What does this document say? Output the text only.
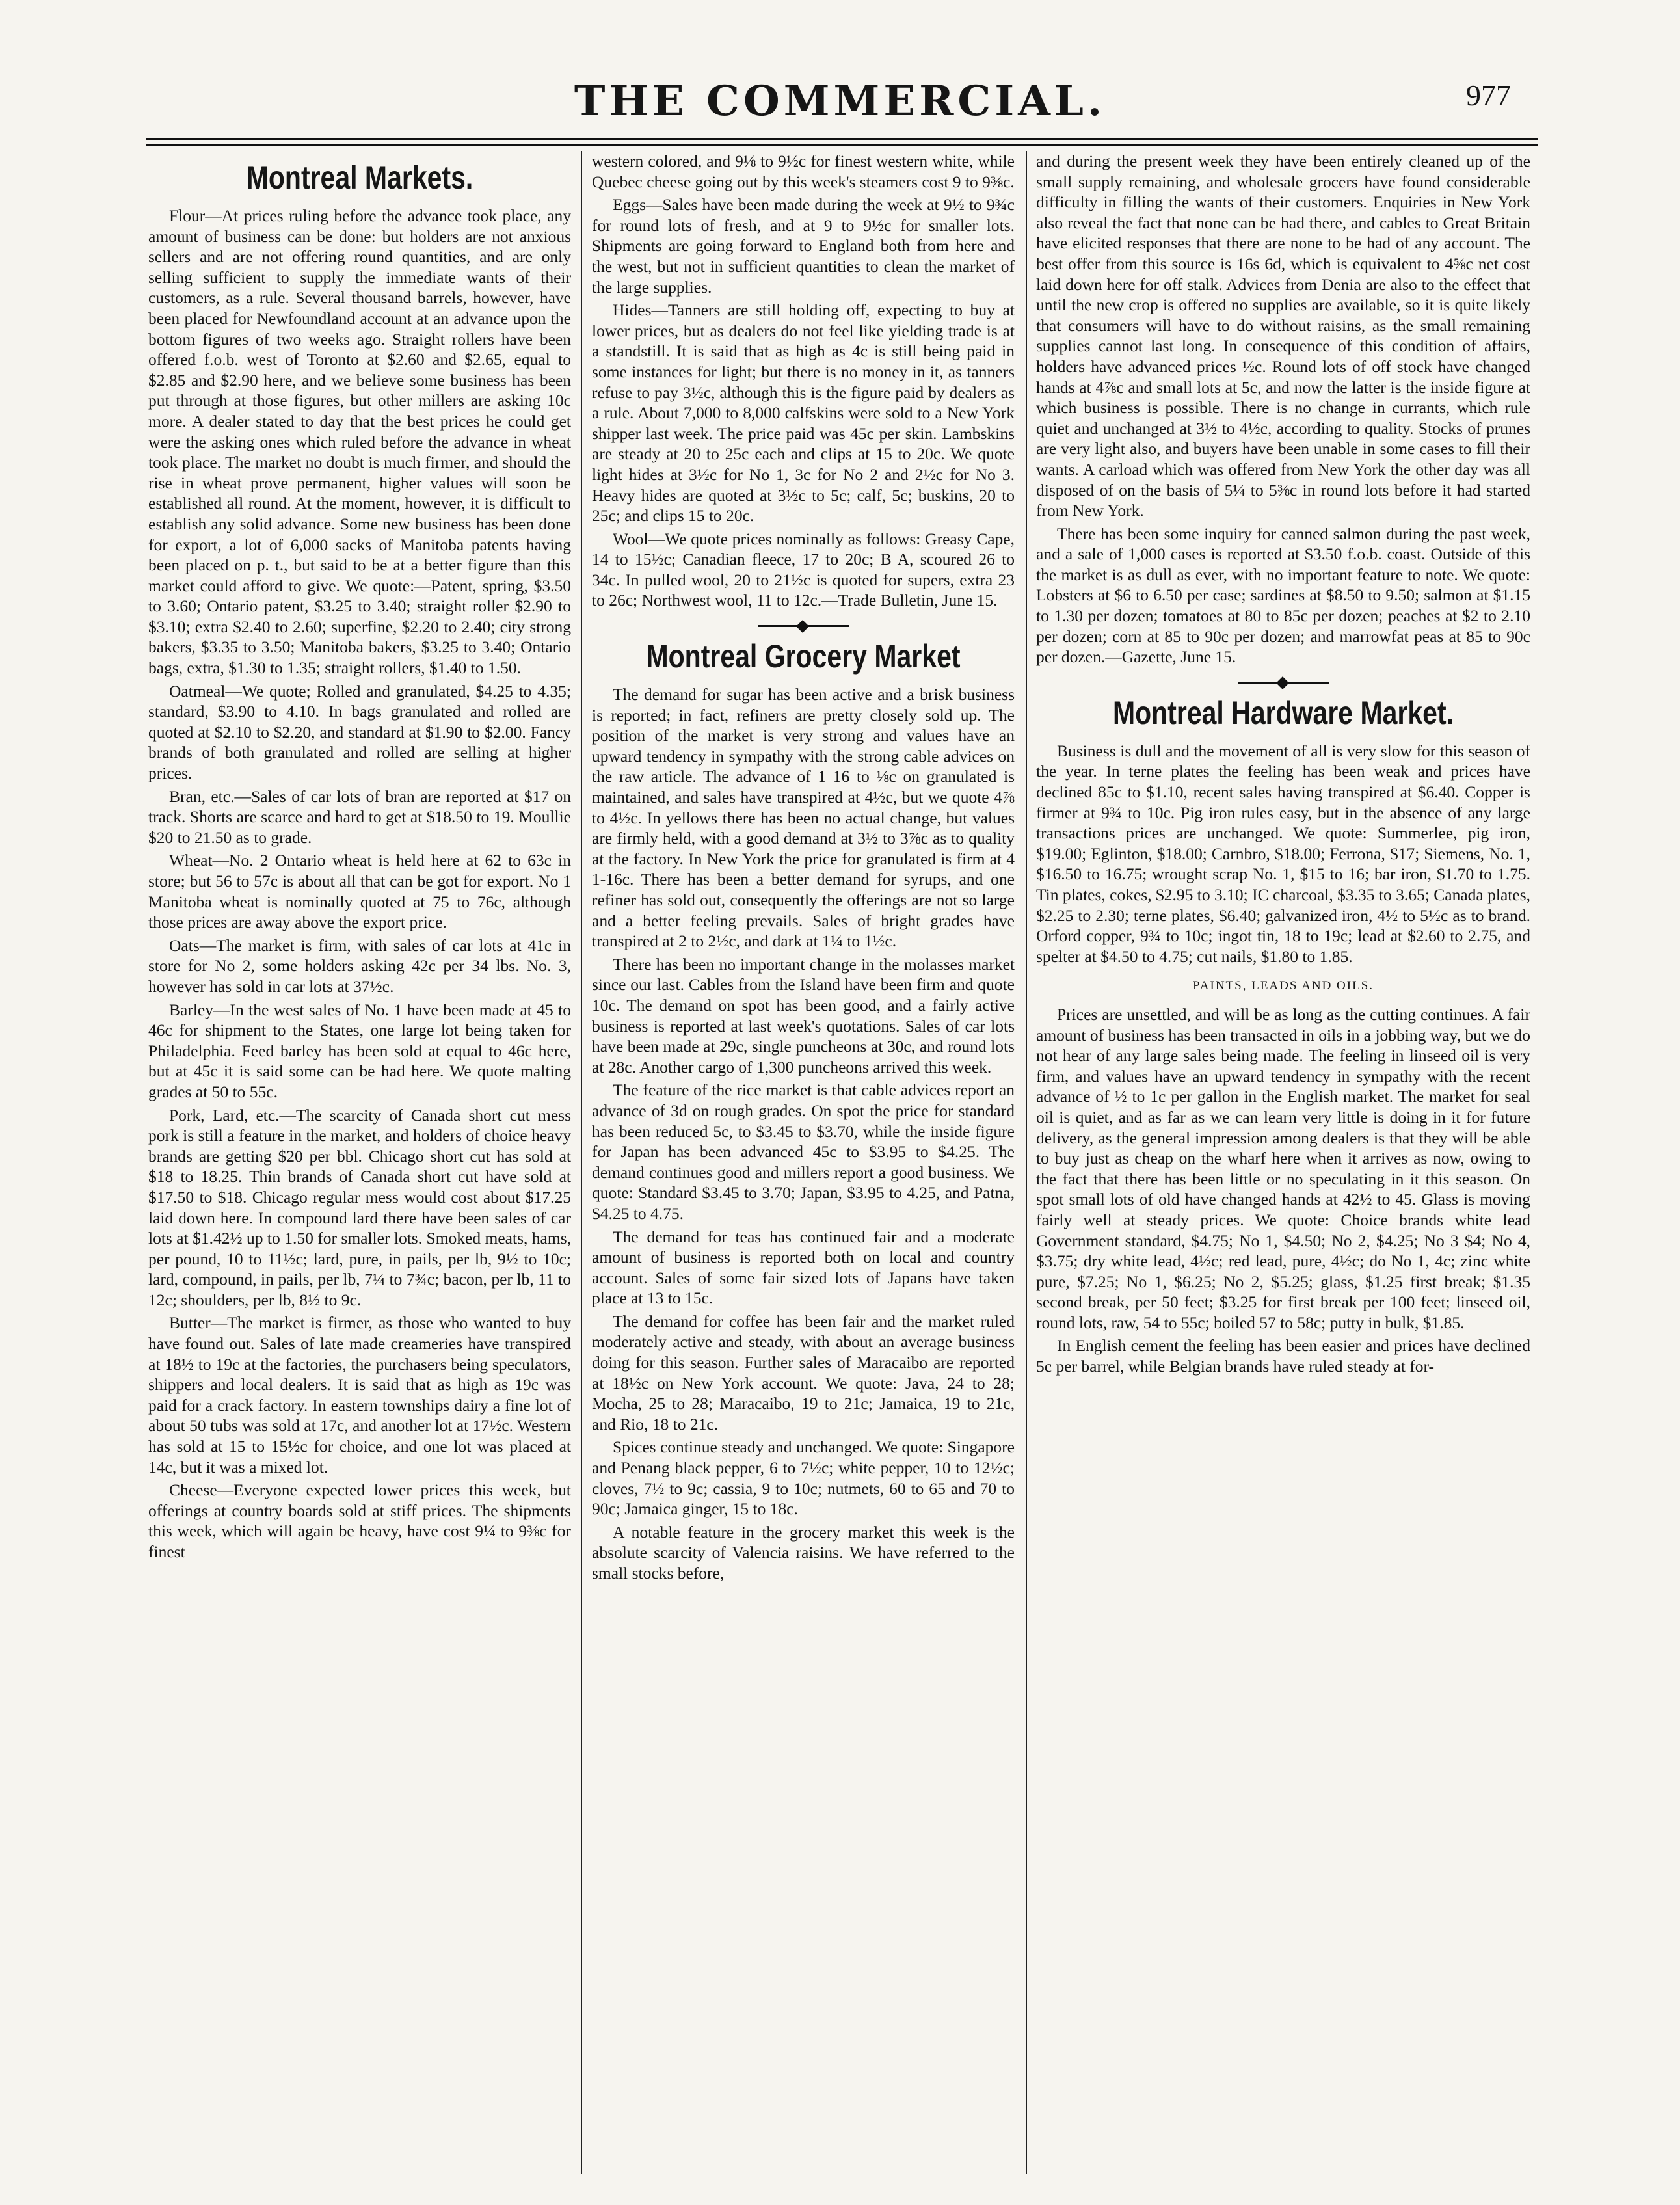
THE COMMERCIAL.	977
Montreal Markets.

Flour—At prices ruling before the advance took place, any amount of business can be done: but holders are not anxious sellers and are not offering round quantities, and are only selling sufficient to supply the immediate wants of their customers, as a rule. Several thousand barrels, however, have been placed for Newfoundland account at an advance upon the bottom figures of two weeks ago. Straight rollers have been offered f.o.b. west of Toronto at $2.60 and $2.65, equal to $2.85 and $2.90 here, and we believe some business has been put through at those figures, but other millers are asking 10c more. A dealer stated to day that the best prices he could get were the asking ones which ruled before the advance in wheat took place. The market no doubt is much firmer, and should the rise in wheat prove permanent, higher values will soon be established all round. At the moment, however, it is difficult to establish any solid advance. Some new business has been done for export, a lot of 6,000 sacks of Manitoba patents having been placed on p. t., but said to be at a better figure than this market could afford to give. We quote:—Patent, spring, $3.50 to 3.60; Ontario patent, $3.25 to 3.40; straight roller $2.90 to $3.10; extra $2.40 to 2.60; superfine, $2.20 to 2.40; city strong bakers, $3.35 to 3.50; Manitoba bakers, $3.25 to 3.40; Ontario bags, extra, $1.30 to 1.35; straight rollers, $1.40 to 1.50.

Oatmeal—We quote; Rolled and granulated, $4.25 to 4.35; standard, $3.90 to 4.10. In bags granulated and rolled are quoted at $2.10 to $2.20, and standard at $1.90 to $2.00. Fancy brands of both granulated and rolled are selling at higher prices.

Bran, etc.—Sales of car lots of bran are reported at $17 on track. Shorts are scarce and hard to get at $18.50 to 19. Moullie $20 to 21.50 as to grade.

Wheat—No. 2 Ontario wheat is held here at 62 to 63c in store; but 56 to 57c is about all that can be got for export. No 1 Manitoba wheat is nominally quoted at 75 to 76c, although those prices are away above the export price.

Oats—The market is firm, with sales of car lots at 41c in store for No 2, some holders asking 42c per 34 lbs. No. 3, however has sold in car lots at 37½c.

Barley—In the west sales of No. 1 have been made at 45 to 46c for shipment to the States, one large lot being taken for Philadelphia. Feed barley has been sold at equal to 46c here, but at 45c it is said some can be had here. We quote malting grades at 50 to 55c.

Pork, Lard, etc.—The scarcity of Canada short cut mess pork is still a feature in the market, and holders of choice heavy brands are getting $20 per bbl. Chicago short cut has sold at $18 to 18.25. Thin brands of Canada short cut have sold at $17.50 to $18. Chicago regular mess would cost about $17.25 laid down here. In compound lard there have been sales of car lots at $1.42½ up to 1.50 for smaller lots. Smoked meats, hams, per pound, 10 to 11½c; lard, pure, in pails, per lb, 9½ to 10c; lard, compound, in pails, per lb, 7¼ to 7¾c; bacon, per lb, 11 to 12c; shoulders, per lb, 8½ to 9c.

Butter—The market is firmer, as those who wanted to buy have found out. Sales of late made creameries have transpired at 18½ to 19c at the factories, the purchasers being speculators, shippers and local dealers. It is said that as high as 19c was paid for a crack factory. In eastern townships dairy a fine lot of about 50 tubs was sold at 17c, and another lot at 17½c. Western has sold at 15 to 15½c for choice, and one lot was placed at 14c, but it was a mixed lot.

Cheese—Everyone expected lower prices this week, but offerings at country boards sold at stiff prices. The shipments this week, which will again be heavy, have cost 9¼ to 9⅜c for finest

western colored, and 9⅛ to 9½c for finest western white, while Quebec cheese going out by this week's steamers cost 9 to 9⅜c.

Eggs—Sales have been made during the week at 9½ to 9¾c for round lots of fresh, and at 9 to 9½c for smaller lots. Shipments are going forward to England both from here and the west, but not in sufficient quantities to clean the market of the large supplies.

Hides—Tanners are still holding off, expecting to buy at lower prices, but as dealers do not feel like yielding trade is at a standstill. It is said that as high as 4c is still being paid in some instances for light; but there is no money in it, as tanners refuse to pay 3½c, although this is the figure paid by dealers as a rule. About 7,000 to 8,000 calfskins were sold to a New York shipper last week. The price paid was 45c per skin. Lambskins are steady at 20 to 25c each and clips at 15 to 20c. We quote light hides at 3½c for No 1, 3c for No 2 and 2½c for No 3. Heavy hides are quoted at 3½c to 5c; calf, 5c; buskins, 20 to 25c; and clips 15 to 20c.

Wool—We quote prices nominally as follows: Greasy Cape, 14 to 15½c; Canadian fleece, 17 to 20c; B A, scoured 26 to 34c. In pulled wool, 20 to 21½c is quoted for supers, extra 23 to 26c; Northwest wool, 11 to 12c.—Trade Bulletin, June 15.

Montreal Grocery Market

The demand for sugar has been active and a brisk business is reported; in fact, refiners are pretty closely sold up. The position of the market is very strong and values have an upward tendency in sympathy with the strong cable advices on the raw article. The advance of 1 16 to ⅛c on granulated is maintained, and sales have transpired at 4½c, but we quote 4⅞ to 4½c. In yellows there has been no actual change, but values are firmly held, with a good demand at 3½ to 3⅞c as to quality at the factory. In New York the price for granulated is firm at 4 1-16c. There has been a better demand for syrups, and one refiner has sold out, consequently the offerings are not so large and a better feeling prevails. Sales of bright grades have transpired at 2 to 2½c, and dark at 1¼ to 1½c.

There has been no important change in the molasses market since our last. Cables from the Island have been firm and quote 10c. The demand on spot has been good, and a fairly active business is reported at last week's quotations. Sales of car lots have been made at 29c, single puncheons at 30c, and round lots at 28c. Another cargo of 1,300 puncheons arrived this week.

The feature of the rice market is that cable advices report an advance of 3d on rough grades. On spot the price for standard has been reduced 5c, to $3.45 to $3.70, while the inside figure for Japan has been advanced 45c to $3.95 to $4.25. The demand continues good and millers report a good business. We quote: Standard $3.45 to 3.70; Japan, $3.95 to 4.25, and Patna, $4.25 to 4.75.

The demand for teas has continued fair and a moderate amount of business is reported both on local and country account. Sales of some fair sized lots of Japans have taken place at 13 to 15c.

The demand for coffee has been fair and the market ruled moderately active and steady, with about an average business doing for this season. Further sales of Maracaibo are reported at 18½c on New York account. We quote: Java, 24 to 28; Mocha, 25 to 28; Maracaibo, 19 to 21c; Jamaica, 19 to 21c, and Rio, 18 to 21c.

Spices continue steady and unchanged. We quote: Singapore and Penang black pepper, 6 to 7½c; white pepper, 10 to 12½c; cloves, 7½ to 9c; cassia, 9 to 10c; nutmets, 60 to 65 and 70 to 90c; Jamaica ginger, 15 to 18c.

A notable feature in the grocery market this week is the absolute scarcity of Valencia raisins. We have referred to the small stocks before,

and during the present week they have been entirely cleaned up of the small supply remaining, and wholesale grocers have found considerable difficulty in filling the wants of their customers. Enquiries in New York also reveal the fact that none can be had there, and cables to Great Britain have elicited responses that there are none to be had of any account. The best offer from this source is 16s 6d, which is equivalent to 4⅝c net cost laid down here for off stalk. Advices from Denia are also to the effect that until the new crop is offered no supplies are available, so it is quite likely that consumers will have to do without raisins, as the small remaining supplies cannot last long. In consequence of this condition of affairs, holders have advanced prices ½c. Round lots of off stock have changed hands at 4⅞c and small lots at 5c, and now the latter is the inside figure at which business is possible. There is no change in currants, which rule quiet and unchanged at 3½ to 4½c, according to quality. Stocks of prunes are very light also, and buyers have been unable in some cases to fill their wants. A carload which was offered from New York the other day was all disposed of on the basis of 5¼ to 5⅜c in round lots before it had started from New York.

There has been some inquiry for canned salmon during the past week, and a sale of 1,000 cases is reported at $3.50 f.o.b. coast. Outside of this the market is as dull as ever, with no important feature to note. We quote: Lobsters at $6 to 6.50 per case; sardines at $8.50 to 9.50; salmon at $1.15 to 1.30 per dozen; tomatoes at 80 to 85c per dozen; peaches at $2 to 2.10 per dozen; corn at 85 to 90c per dozen; and marrowfat peas at 85 to 90c per dozen.—Gazette, June 15.

Montreal Hardware Market.

Business is dull and the movement of all is very slow for this season of the year. In terne plates the feeling has been weak and prices have declined 85c to $1.10, recent sales having transpired at $6.40. Copper is firmer at 9¾ to 10c. Pig iron rules easy, but in the absence of any large transactions prices are unchanged. We quote: Summerlee, pig iron, $19.00; Eglinton, $18.00; Carnbro, $18.00; Ferrona, $17; Siemens, No. 1, $16.50 to 16.75; wrought scrap No. 1, $15 to 16; bar iron, $1.70 to 1.75. Tin plates, cokes, $2.95 to 3.10; IC charcoal, $3.35 to 3.65; Canada plates, $2.25 to 2.30; terne plates, $6.40; galvanized iron, 4½ to 5½c as to brand. Orford copper, 9¾ to 10c; ingot tin, 18 to 19c; lead at $2.60 to 2.75, and spelter at $4.50 to 4.75; cut nails, $1.80 to 1.85.

PAINTS, LEADS AND OILS.

Prices are unsettled, and will be as long as the cutting continues. A fair amount of business has been transacted in oils in a jobbing way, but we do not hear of any large sales being made. The feeling in linseed oil is very firm, and values have an upward tendency in sympathy with the recent advance of ½ to 1c per gallon in the English market. The market for seal oil is quiet, and as far as we can learn very little is doing in it for future delivery, as the general impression among dealers is that they will be able to buy just as cheap on the wharf here when it arrives as now, owing to the fact that there has been little or no speculating in it this season. On spot small lots of old have changed hands at 42½ to 45. Glass is moving fairly well at steady prices. We quote: Choice brands white lead Government standard, $4.75; No 1, $4.50; No 2, $4.25; No 3 $4; No 4, $3.75; dry white lead, 4½c; red lead, pure, 4½c; do No 1, 4c; zinc white pure, $7.25; No 1, $6.25; No 2, $5.25; glass, $1.25 first break; $1.35 second break, per 50 feet; $3.25 for first break per 100 feet; linseed oil, round lots, raw, 54 to 55c; boiled 57 to 58c; putty in bulk, $1.85.

In English cement the feeling has been easier and prices have declined 5c per barrel, while Belgian brands have ruled steady at for-
